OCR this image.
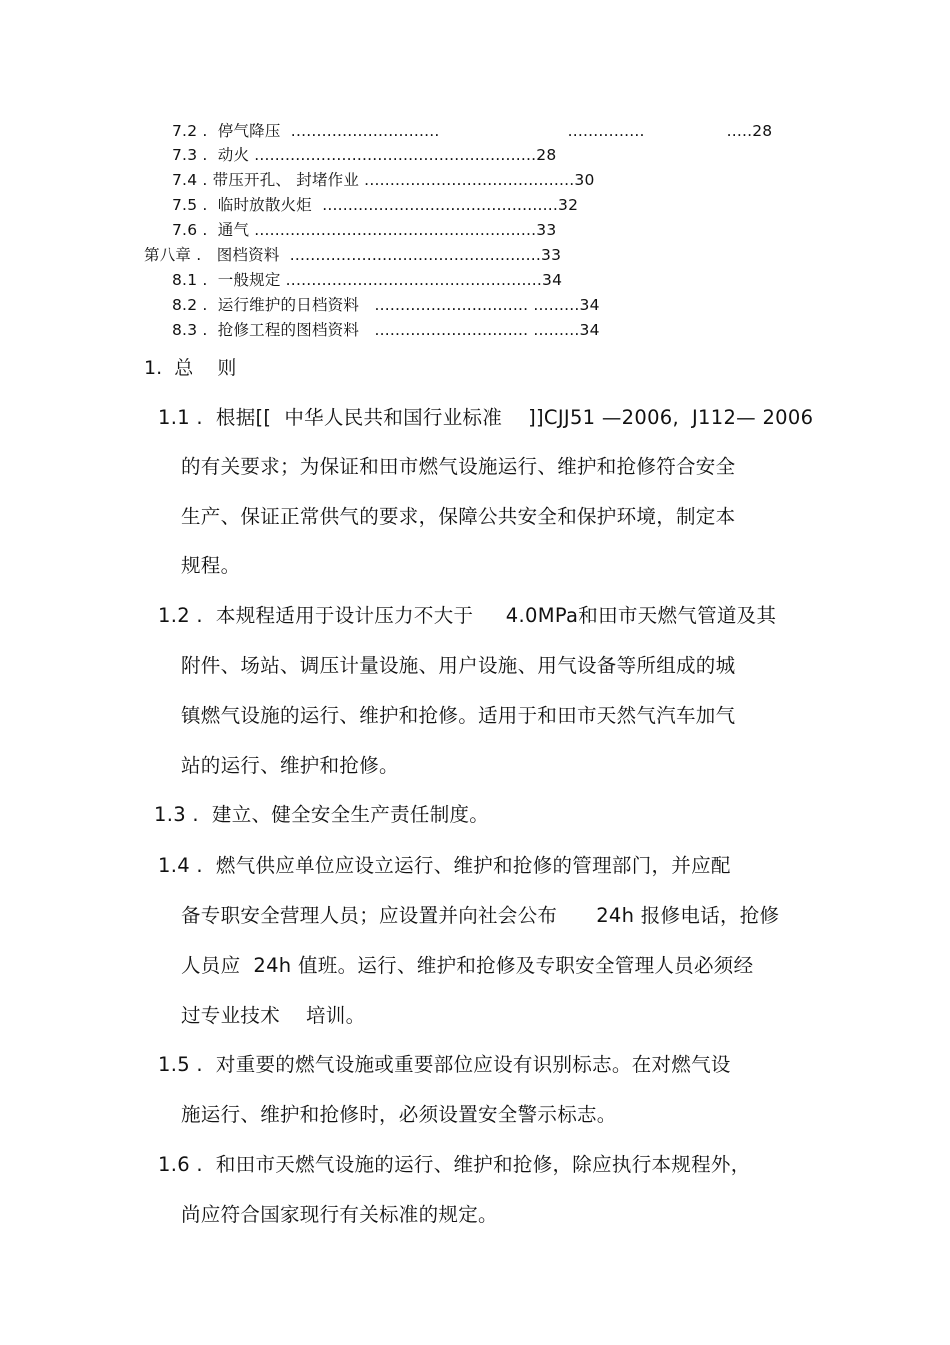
7.2 .  停气降压  .............................                         ...............                .....28
7.3 .  动火 .......................................................28
7.4 . 带压开孔、 封堵作业 .........................................30
7.5 .  临时放散火炬  ..............................................32
7.6 .  通气 .......................................................33
第八章 .   图档资料  .................................................33
8.1 .  一般规定 ..................................................34
8.2 .  运行维护的日档资料   .............................. .........34
8.3 .  抢修工程的图档资料   .............................. .........34
1.  总    则
1.1 .  根据[[  中华人民共和国行业标准    ]]CJJ51 —2006,  J112— 2006
的有关要求；为保证和田市燃气设施运行、维护和抢修符合安全
生产、保证正常供气的要求，保障公共安全和保护环境，制定本
规程。
1.2 .  本规程适用于设计压力不大于     4.0MPa和田市天燃气管道及其
附件、场站、调压计量设施、用户设施、用气设备等所组成的城
镇燃气设施的运行、维护和抢修。适用于和田市天然气汽车加气
站的运行、维护和抢修。
1.3 .  建立、健全安全生产责任制度。
1.4 .  燃气供应单位应设立运行、维护和抢修的管理部门，并应配
备专职安全营理人员；应设置并向社会公布      24h 报修电话，抢修
人员应  24h 值班。运行、维护和抢修及专职安全管理人员必须经
过专业技术    培训。
1.5 .  对重要的燃气设施或重要部位应设有识别标志。在对燃气设
施运行、维护和抢修时，必须设置安全警示标志。
1.6 .  和田市天燃气设施的运行、维护和抢修，除应执行本规程外，
尚应符合国家现行有关标准的规定。
